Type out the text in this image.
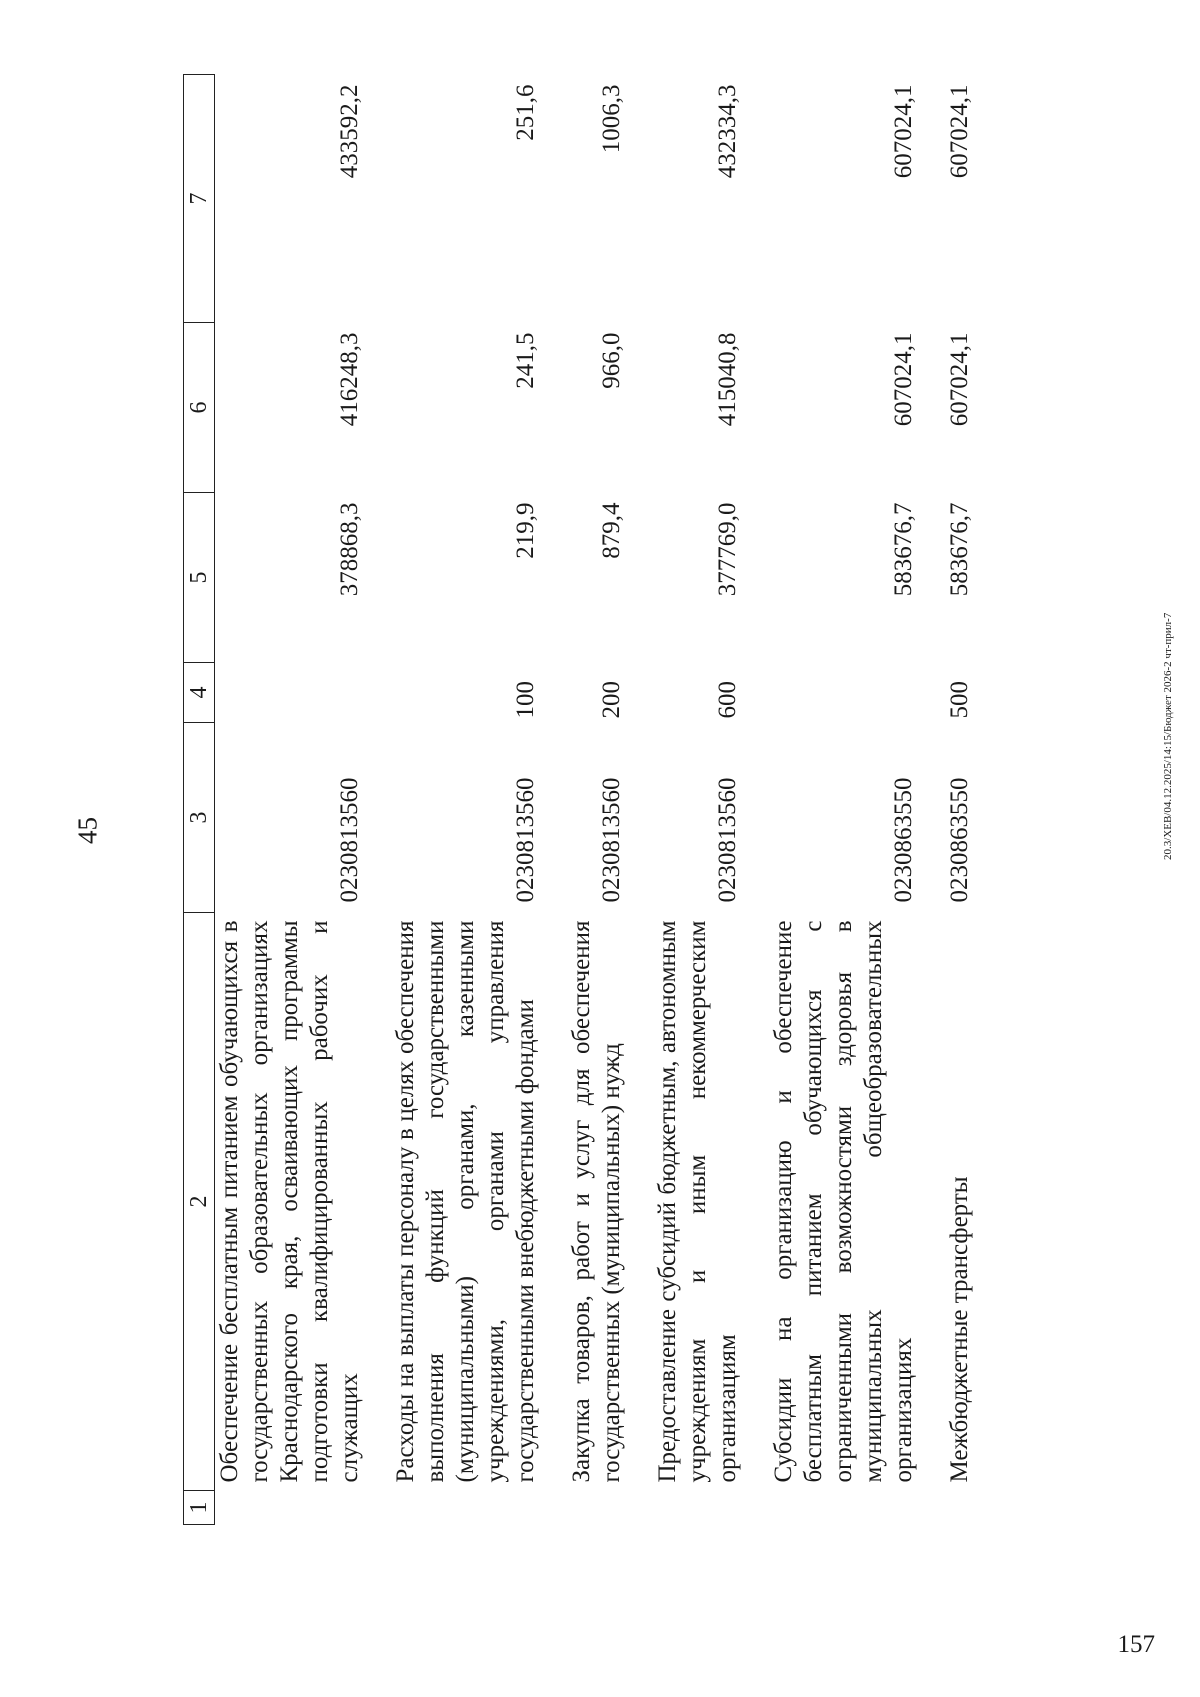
45
1	2	3	4	5	6	7
	Обеспечение бесплатным питанием обучающихся в государственных образовательных организациях Краснодарского края, осваивающих программы подготовки квалифицированных рабочих и служащих	0230813560		378868,3	416248,3	433592,2
	Расходы на выплаты персоналу в целях обеспечения выполнения функций государственными (муниципальными) органами, казенными учреждениями, органами управления государственными внебюджетными фондами	0230813560	100	219,9	241,5	251,6
	Закупка товаров, работ и услуг для обеспечения государственных (муниципальных) нужд	0230813560	200	879,4	966,0	1006,3
	Предоставление субсидий бюджетным, автономным учреждениям и иным некоммерческим организациям	0230813560	600	377769,0	415040,8	432334,3
	Субсидии на организацию и обеспечение бесплатным питанием обучающихся с ограниченными возможностями здоровья в муниципальных общеобразовательных организациях	0230863550		583676,7	607024,1	607024,1
	Межбюджетные трансферты	0230863550	500	583676,7	607024,1	607024,1
20.3/ХЕВ/04.12.2025/14:15/Бюджет 2026-2 чт-прил-7
157
